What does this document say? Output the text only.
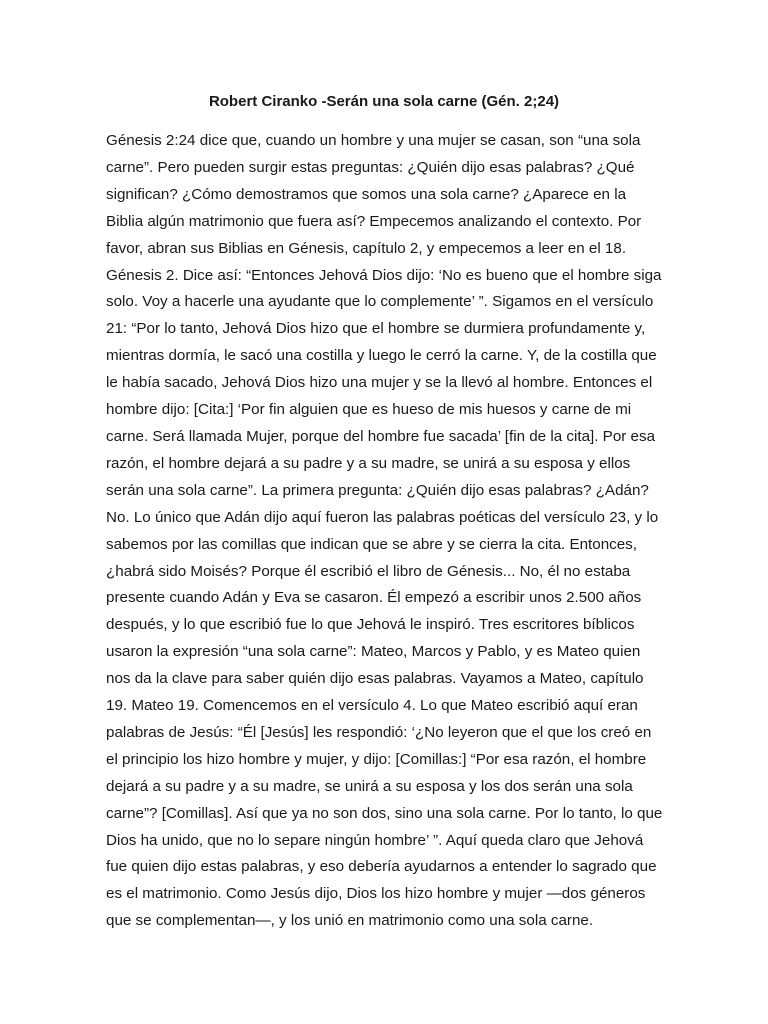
Robert Ciranko -Serán una sola carne (Gén. 2;24)
Génesis 2:24 dice que, cuando un hombre y una mujer se casan, son “una sola
carne”. Pero pueden surgir estas preguntas: ¿Quién dijo esas palabras? ¿Qué
significan? ¿Cómo demostramos que somos una sola carne? ¿Aparece en la
Biblia algún matrimonio que fuera así? Empecemos analizando el contexto. Por
favor, abran sus Biblias en Génesis, capítulo 2, y empecemos a leer en el 18.
Génesis 2. Dice así: “Entonces Jehová Dios dijo: ‘No es bueno que el hombre siga
solo. Voy a hacerle una ayudante que lo complemente’ ”. Sigamos en el versículo
21: “Por lo tanto, Jehová Dios hizo que el hombre se durmiera profundamente y,
mientras dormía, le sacó una costilla y luego le cerró la carne. Y, de la costilla que
le había sacado, Jehová Dios hizo una mujer y se la llevó al hombre. Entonces el
hombre dijo: [Cita:] ‘Por fin alguien que es hueso de mis huesos y carne de mi
carne. Será llamada Mujer, porque del hombre fue sacada’ [fin de la cita]. Por esa
razón, el hombre dejará a su padre y a su madre, se unirá a su esposa y ellos
serán una sola carne”. La primera pregunta: ¿Quién dijo esas palabras? ¿Adán?
No. Lo único que Adán dijo aquí fueron las palabras poéticas del versículo 23, y lo
sabemos por las comillas que indican que se abre y se cierra la cita. Entonces,
¿habrá sido Moisés? Porque él escribió el libro de Génesis... No, él no estaba
presente cuando Adán y Eva se casaron. Él empezó a escribir unos 2.500 años
después, y lo que escribió fue lo que Jehová le inspiró. Tres escritores bíblicos
usaron la expresión “una sola carne”: Mateo, Marcos y Pablo, y es Mateo quien
nos da la clave para saber quién dijo esas palabras. Vayamos a Mateo, capítulo
19. Mateo 19. Comencemos en el versículo 4. Lo que Mateo escribió aquí eran
palabras de Jesús: “Él [Jesús] les respondió: ‘¿No leyeron que el que los creó en
el principio los hizo hombre y mujer, y dijo: [Comillas:] “Por esa razón, el hombre
dejará a su padre y a su madre, se unirá a su esposa y los dos serán una sola
carne”? [Comillas]. Así que ya no son dos, sino una sola carne. Por lo tanto, lo que
Dios ha unido, que no lo separe ningún hombre’ ”. Aquí queda claro que Jehová
fue quien dijo estas palabras, y eso debería ayudarnos a entender lo sagrado que
es el matrimonio. Como Jesús dijo, Dios los hizo hombre y mujer —dos géneros
que se complementan—, y los unió en matrimonio como una sola carne.
